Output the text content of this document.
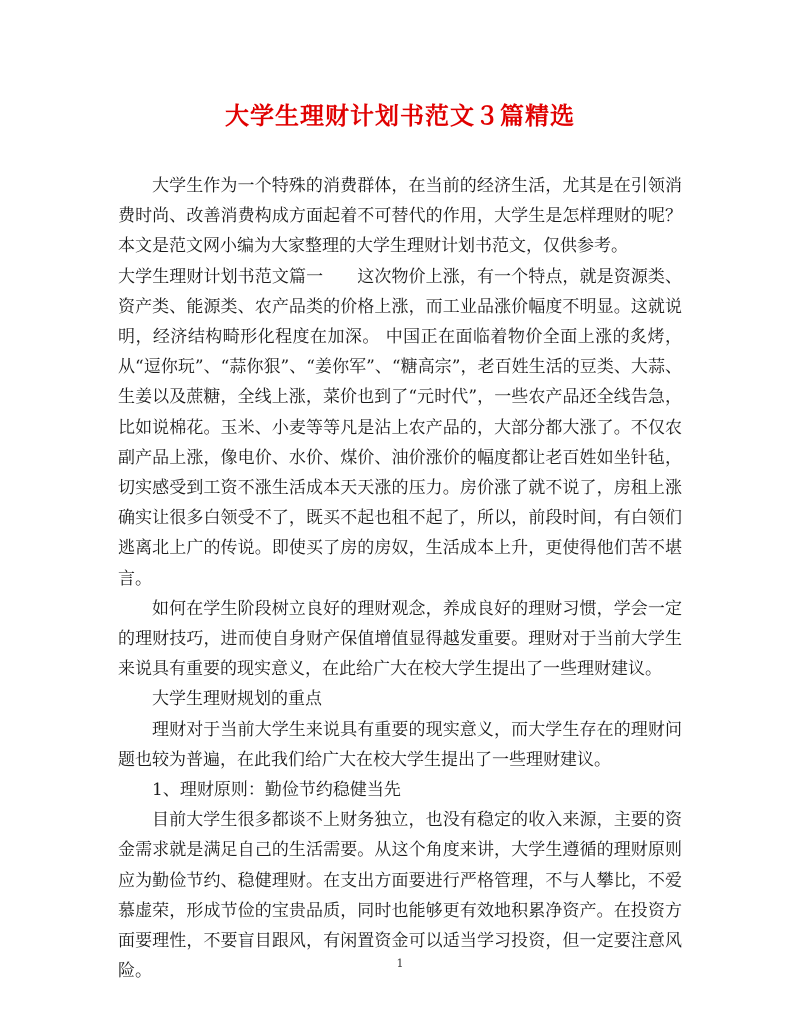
大学生理财计划书范文３篇精选

大学生作为一个特殊的消费群体，在当前的经济生活，尤其是在引领消费时尚、改善消费构成方面起着不可替代的作用，大学生是怎样理财的呢？本文是范文网小编为大家整理的大学生理财计划书范文，仅供参考。

大学生理财计划书范文篇一 这次物价上涨，有一个特点，就是资源类、资产类、能源类、农产品类的价格上涨，而工业品涨价幅度不明显。这就说明，经济结构畸形化程度在加深。 中国正在面临着物价全面上涨的炙烤，从“逗你玩”、“蒜你狠”、“姜你军”、“糖高宗”，老百姓生活的豆类、大蒜、生姜以及蔗糖，全线上涨，菜价也到了“元时代”，一些农产品还全线告急，比如说棉花。玉米、小麦等等凡是沾上农产品的，大部分都大涨了。不仅农副产品上涨，像电价、水价、煤价、油价涨价的幅度都让老百姓如坐针毡，切实感受到工资不涨生活成本天天涨的压力。房价涨了就不说了，房租上涨确实让很多白领受不了，既买不起也租不起了，所以，前段时间，有白领们逃离北上广的传说。即使买了房的房奴，生活成本上升，更使得他们苦不堪言。

如何在学生阶段树立良好的理财观念，养成良好的理财习惯，学会一定的理财技巧，进而使自身财产保值增值显得越发重要。理财对于当前大学生来说具有重要的现实意义，在此给广大在校大学生提出了一些理财建议。

大学生理财规划的重点

理财对于当前大学生来说具有重要的现实意义，而大学生存在的理财问题也较为普遍，在此我们给广大在校大学生提出了一些理财建议。

1、理财原则：勤俭节约稳健当先

目前大学生很多都谈不上财务独立，也没有稳定的收入来源，主要的资金需求就是满足自己的生活需要。从这个角度来讲，大学生遵循的理财原则应为勤俭节约、稳健理财。在支出方面要进行严格管理，不与人攀比，不爱慕虚荣，形成节俭的宝贵品质，同时也能够更有效地积累净资产。在投资方面要理性，不要盲目跟风，有闲置资金可以适当学习投资，但一定要注意风险。	1
